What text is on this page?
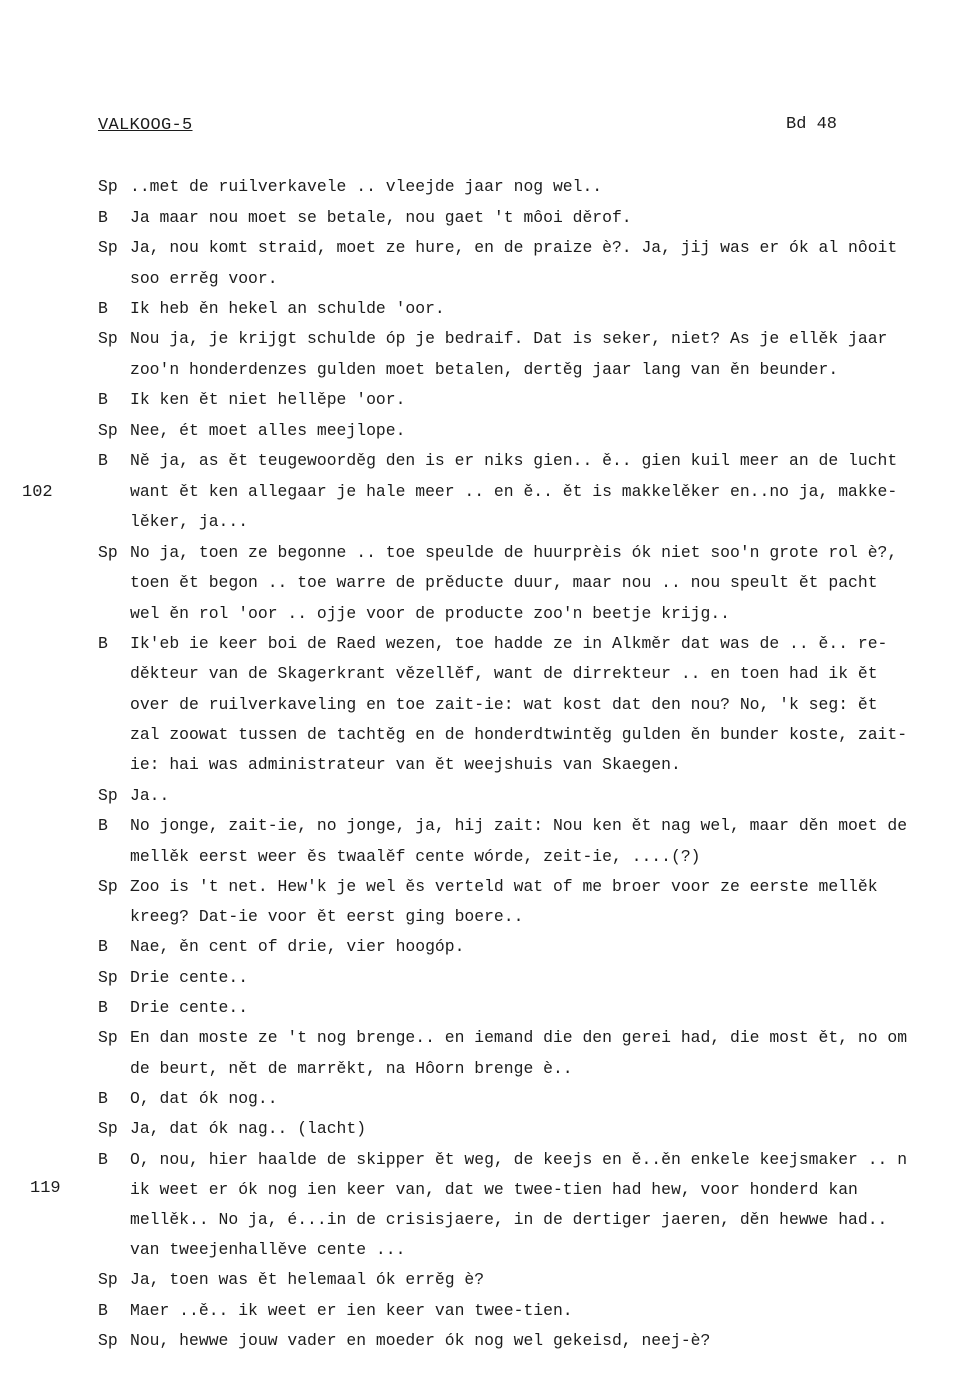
VALKOOG-5	Bd 48
102
119
Sp ..met de ruilverkavele .. vleejde jaar nog wel..
B Ja maar nou moet se betale, nou gaet 't môoi děrof.
Sp Ja, nou komt straid, moet ze hure, en de praize è?. Ja, jij was er ók al nôoit
soo errěg voor.
B Ik heb ěn hekel an schulde 'oor.
Sp Nou ja, je krijgt schulde óp je bedraif. Dat is seker, niet? As je ellěk jaar
zoo'n honderdenzes gulden moet betalen, dertěg jaar lang van ěn beunder.
B Ik ken ět niet hellěpe 'oor.
Sp Nee, ét moet alles meejlope.
B Ně ja, as ět teugewoorděg den is er niks gien.. ě.. gien kuil meer an de lucht
want ět ken allegaar je hale meer .. en ě.. ět is makkelěker en..no ja, makke-
lěker, ja...
Sp No ja, toen ze begonne .. toe speulde de huurprèis ók niet soo'n grote rol è?,
toen ět begon .. toe warre de prěducte duur, maar nou .. nou speult ět pacht
wel ěn rol 'oor .. ojje voor de producte zoo'n beetje krijg..
B Ik'eb ie keer boi de Raed wezen, toe hadde ze in Alkměr dat was de .. ě.. re-
děkteur van de Skagerkrant vězellěf, want de dirrekteur .. en toen had ik ět
over de ruilverkaveling en toe zait-ie: wat kost dat den nou? No, 'k seg: ět
zal zoowat tussen de tachtěg en de honderdtwintěg gulden ěn bunder koste, zait-
ie: hai was administrateur van ět weejshuis van Skaegen.
Sp Ja..
B No jonge, zait-ie, no jonge, ja, hij zait: Nou ken ět nag wel, maar děn moet de
mellěk eerst weer ěs twaalěf cente wórde, zeit-ie, ....(?)
Sp Zoo is 't net. Hew'k je wel ěs verteld wat of me broer voor ze eerste mellěk
kreeg? Dat-ie voor ět eerst ging boere..
B Nae, ěn cent of drie, vier hoogóp.
Sp Drie cente..
B Drie cente..
Sp En dan moste ze 't nog brenge.. en iemand die den gerei had, die most ět, no om
de beurt, nět de marrěkt, na Hôorn brenge è..
B O, dat ók nog..
Sp Ja, dat ók nag.. (lacht)
B O, nou, hier haalde de skipper ět weg, de keejs en ě..ěn enkele keejsmaker .. n
ik weet er ók nog ien keer van, dat we twee-tien had hew, voor honderd kan
mellěk.. No ja, é...in de crisisjaere, in de dertiger jaeren, děn hewwe had..
van tweejenhallěve cente ...
Sp Ja, toen was ět helemaal ók errěg è?
B Maer ..ě.. ik weet er ien keer van twee-tien.
Sp Nou, hewwe jouw vader en moeder ók nog wel gekeisd, neej-è?
